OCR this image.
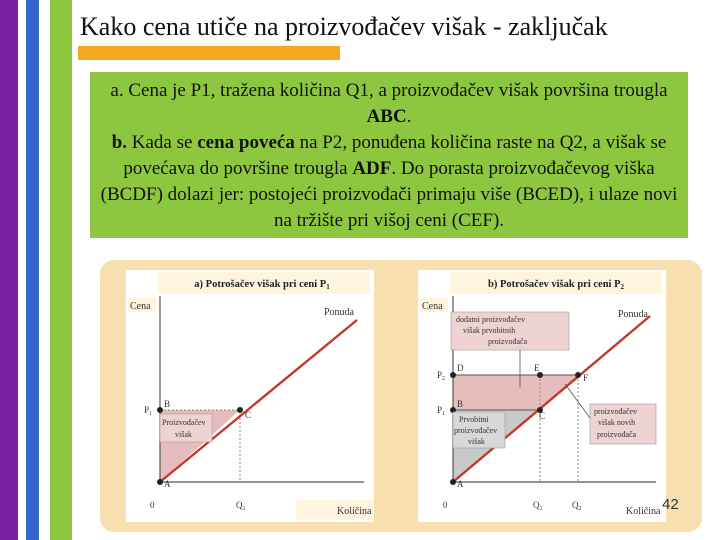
Kako cena utiče na proizvođačev višak - zaključak
a. Cena je P1, tražena količina Q1, a proizvođačev višak površina trougla ABC.
b. Kada se cena poveća na P2, ponuđena količina raste na Q2, a višak se povećava do površine trougla ADF. Do porasta proizvođačevog viška (BCDF) dolazi jer: postojeći proizvođači primaju više (BCED), i ulaze novi na tržište pri višoj ceni (CEF).
a) Potrošačev višak pri ceni P1
Cena
Ponuda
A
B
C
$P_1$
0	$Q_1$	Količina
Proizvođačev
višak
b) Potrošačev višak pri ceni P2
Cena
Ponuda
A
B
C
D	E
F
$P_2$
$P_1$
0	$Q_1$	$Q_2$	Količina
dodatni proizvođačev
višak prvobitnih
proizvođača
Prvobitni
proizvođačev
višak
proizvođačev
višak novih
proizvođača
42
